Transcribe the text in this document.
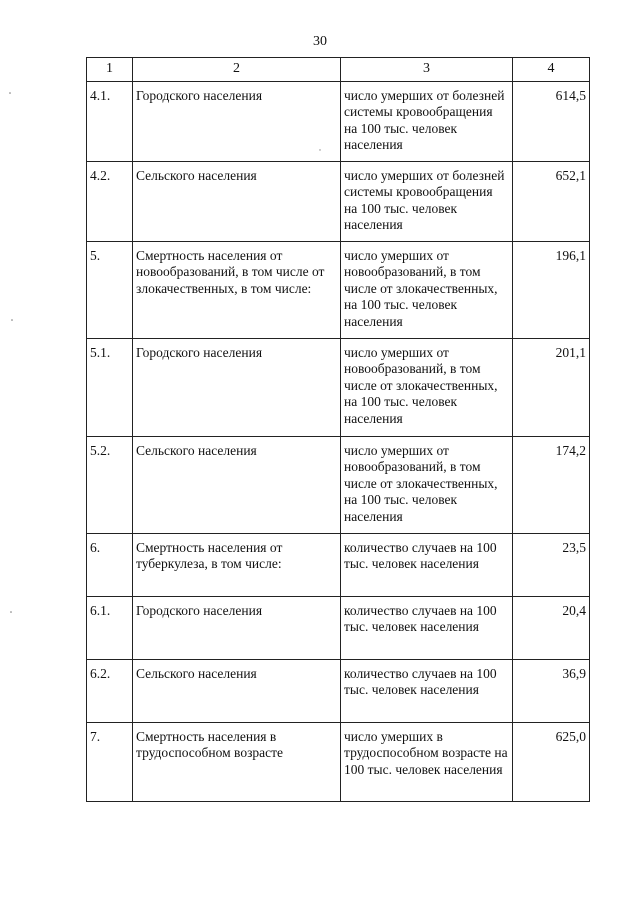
30
1	2	3	4
4.1.	Городского населения	число умерших от болезней системы кровообращения на 100 тыс. человек населения	614,5
4.2.	Сельского населения	число умерших от болезней системы кровообращения на 100 тыс. человек населения	652,1
5.	Смертность населения от новообразований, в том числе от злокачественных, в том числе:	число умерших от новообразований, в том числе от злокачественных, на 100 тыс. человек населения	196,1
5.1.	Городского населения	число умерших от новообразований, в том числе от злокачественных, на 100 тыс. человек населения	201,1
5.2.	Сельского населения	число умерших от новообразований, в том числе от злокачественных, на 100 тыс. человек населения	174,2
6.	Смертность населения от туберкулеза, в том числе:	количество случаев на 100 тыс. человек населения	23,5
6.1.	Городского населения	количество случаев на 100 тыс. человек населения	20,4
6.2.	Сельского населения	количество случаев на 100 тыс. человек населения	36,9
7.	Смертность населения в трудоспособном возрасте	число умерших в трудоспособном возрасте на 100 тыс. человек населения	625,0
